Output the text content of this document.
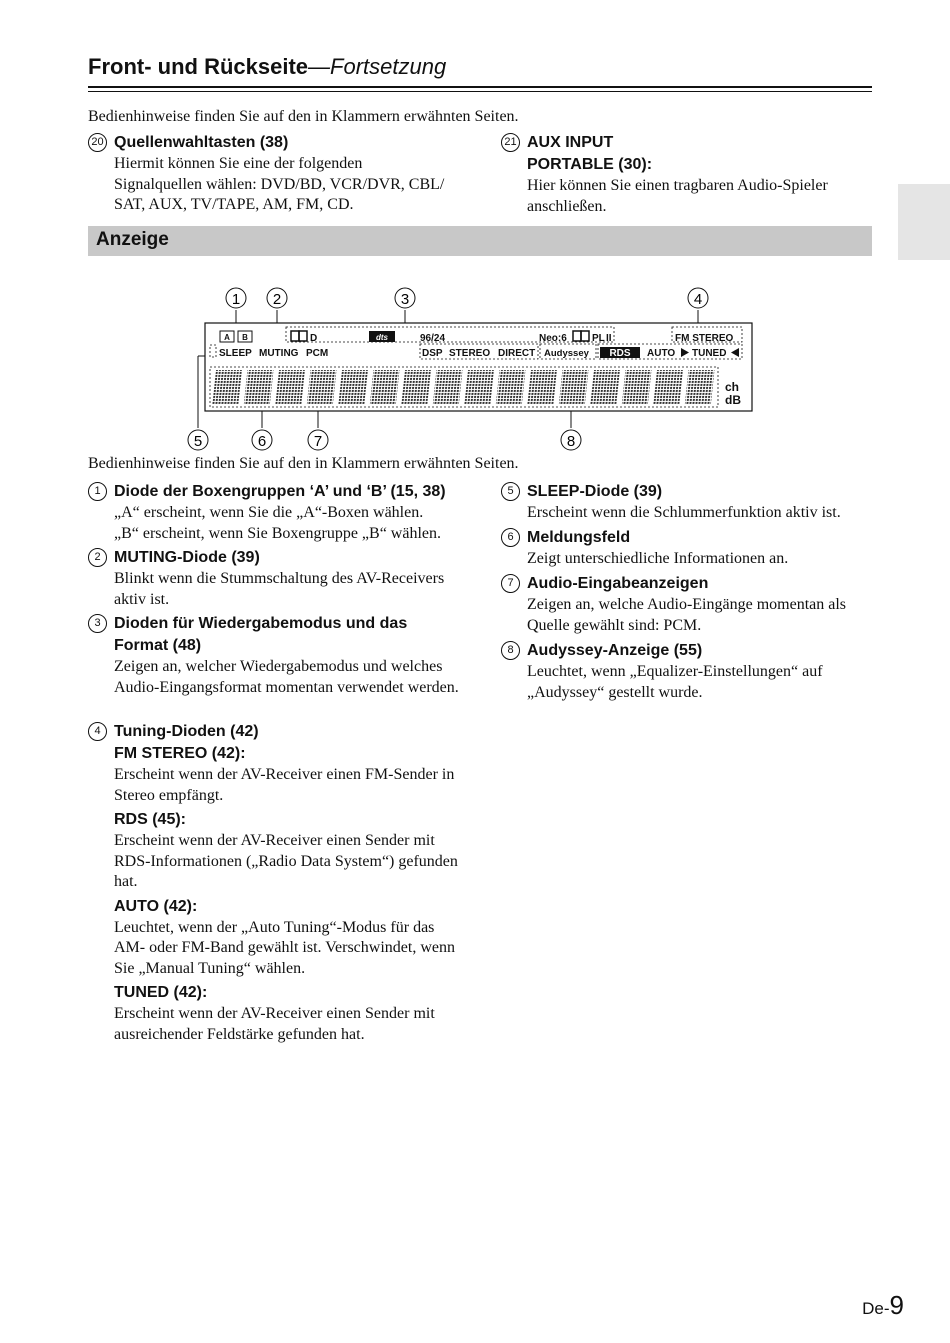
Front- und Rückseite—Fortsetzung
Bedienhinweise finden Sie auf den in Klammern erwähnten Seiten.
20 Quellenwahltasten (38)
Hiermit können Sie eine der folgenden Signalquellen wählen: DVD/BD, VCR/DVR, CBL/ SAT, AUX, TV/TAPE, AM, FM, CD.
21 AUX INPUT
PORTABLE (30):
Hier können Sie einen tragbaren Audio-Spieler anschließen.
Anzeige
1 2	3	4
5	6	7	8
A B	D	dts	96/24	Neo:6	PL II	FM STEREO
SLEEP MUTING PCM	DSP STEREO DIRECT Audyssey RDS AUTO TUNED
ch
dB
Bedienhinweise finden Sie auf den in Klammern erwähnten Seiten.
1 Diode der Boxengruppen ‘A’ und ‘B’ (15, 38)
„A“ erscheint, wenn Sie die „A“-Boxen wählen.
„B“ erscheint, wenn Sie Boxengruppe „B“ wählen.
2 MUTING-Diode (39)
Blinkt wenn die Stummschaltung des AV-Receivers aktiv ist.
3 Dioden für Wiedergabemodus und das Format (48)
Zeigen an, welcher Wiedergabemodus und welches Audio-Eingangsformat momentan verwendet werden.
4 Tuning-Dioden (42)
FM STEREO (42):
Erscheint wenn der AV-Receiver einen FM-Sender in Stereo empfängt.
RDS (45):
Erscheint wenn der AV-Receiver einen Sender mit RDS-Informationen („Radio Data System“) gefunden hat.
AUTO (42):
Leuchtet, wenn der „Auto Tuning“-Modus für das AM- oder FM-Band gewählt ist. Verschwindet, wenn Sie „Manual Tuning“ wählen.
TUNED (42):
Erscheint wenn der AV-Receiver einen Sender mit ausreichender Feldstärke gefunden hat.
5 SLEEP-Diode (39)
Erscheint wenn die Schlummerfunktion aktiv ist.
6 Meldungsfeld
Zeigt unterschiedliche Informationen an.
7 Audio-Eingabeanzeigen
Zeigen an, welche Audio-Eingänge momentan als Quelle gewählt sind: PCM.
8 Audyssey-Anzeige (55)
Leuchtet, wenn „Equalizer-Einstellungen“ auf „Audyssey“ gestellt wurde.
De-9
